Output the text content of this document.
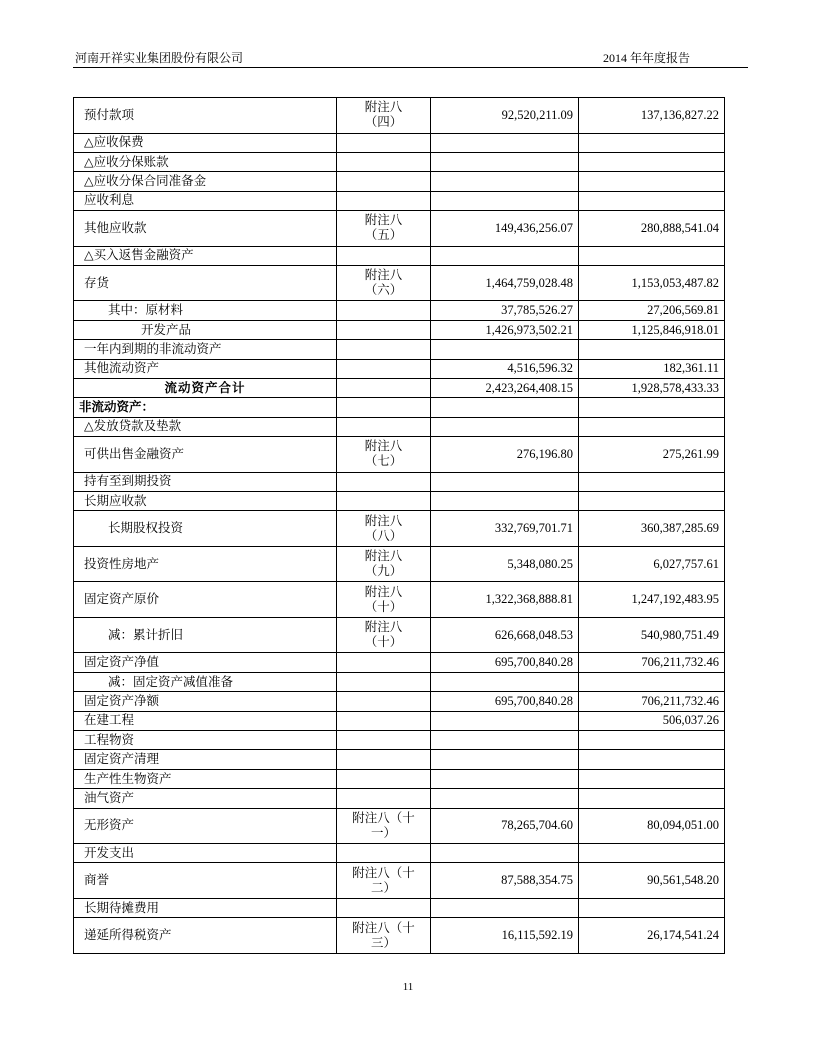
河南开祥实业集团股份有限公司	2014 年年度报告
预付款项	附注八（四）	92,520,211.09	137,136,827.22
△应收保费			
△应收分保账款			
△应收分保合同准备金			
应收利息			
其他应收款	附注八（五）	149,436,256.07	280,888,541.04
△买入返售金融资产			
存货	附注八（六）	1,464,759,028.48	1,153,053,487.82
其中：原材料		37,785,526.27	27,206,569.81
开发产品		1,426,973,502.21	1,125,846,918.01
一年内到期的非流动资产			
其他流动资产		4,516,596.32	182,361.11
流动资产合计		2,423,264,408.15	1,928,578,433.33
非流动资产：			
△发放贷款及垫款			
可供出售金融资产	附注八（七）	276,196.80	275,261.99
持有至到期投资			
长期应收款			
长期股权投资	附注八（八）	332,769,701.71	360,387,285.69
投资性房地产	附注八（九）	5,348,080.25	6,027,757.61
固定资产原价	附注八（十）	1,322,368,888.81	1,247,192,483.95
减：累计折旧	附注八（十）	626,668,048.53	540,980,751.49
固定资产净值		695,700,840.28	706,211,732.46
减：固定资产减值准备			
固定资产净额		695,700,840.28	706,211,732.46
在建工程			506,037.26
工程物资			
固定资产清理			
生产性生物资产			
油气资产			
无形资产	附注八（十一）	78,265,704.60	80,094,051.00
开发支出			
商誉	附注八（十二）	87,588,354.75	90,561,548.20
长期待摊费用			
递延所得税资产	附注八（十三）	16,115,592.19	26,174,541.24
11
